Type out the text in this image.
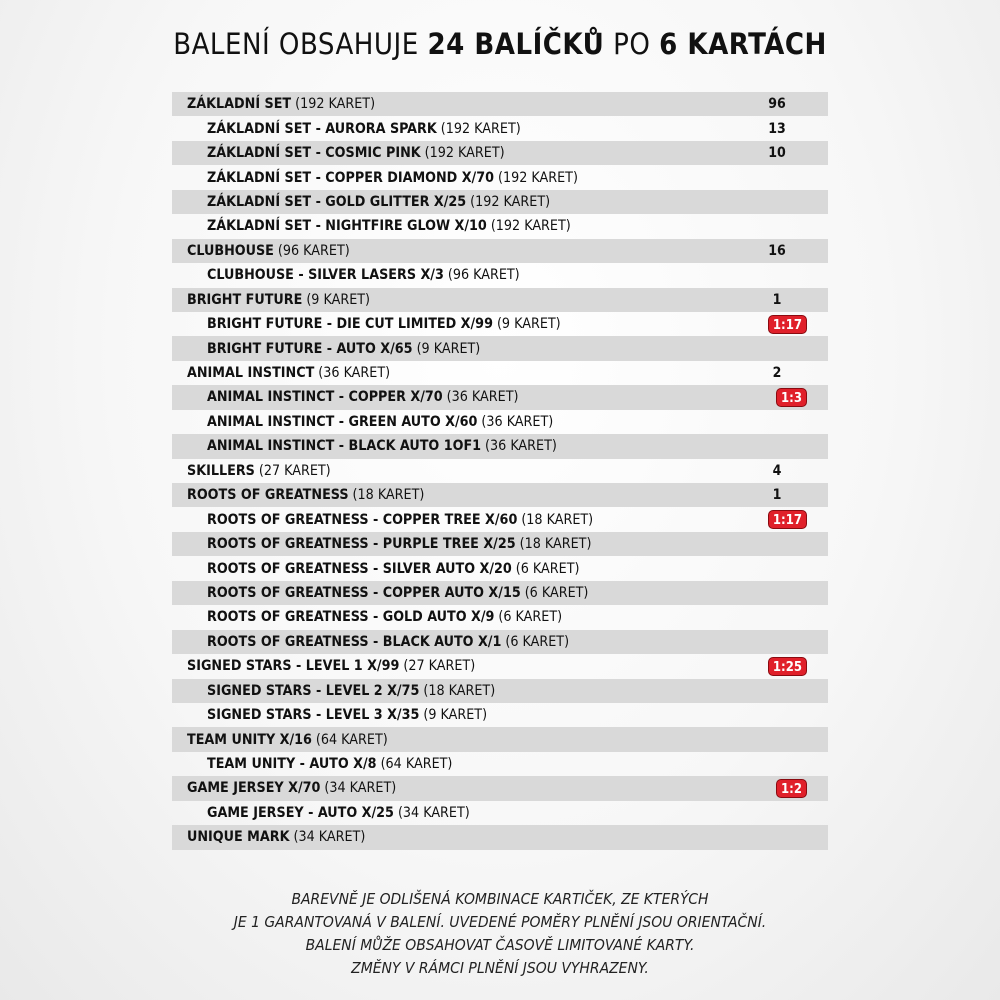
BALENÍ OBSAHUJE 24 BALÍČKŮ PO 6 KARTÁCH
ZÁKLADNÍ SET (192 KARET)	96
ZÁKLADNÍ SET - AURORA SPARK (192 KARET)	13
ZÁKLADNÍ SET - COSMIC PINK (192 KARET)	10
ZÁKLADNÍ SET - COPPER DIAMOND X/70 (192 KARET)
ZÁKLADNÍ SET - GOLD GLITTER X/25 (192 KARET)
ZÁKLADNÍ SET - NIGHTFIRE GLOW X/10 (192 KARET)
CLUBHOUSE (96 KARET)	16
CLUBHOUSE - SILVER LASERS X/3 (96 KARET)
BRIGHT FUTURE (9 KARET)	1
BRIGHT FUTURE - DIE CUT LIMITED X/99 (9 KARET)	1:17
BRIGHT FUTURE - AUTO X/65 (9 KARET)
ANIMAL INSTINCT (36 KARET)	2
ANIMAL INSTINCT - COPPER X/70 (36 KARET)	1:3
ANIMAL INSTINCT - GREEN AUTO X/60 (36 KARET)
ANIMAL INSTINCT - BLACK AUTO 1OF1 (36 KARET)
SKILLERS (27 KARET)	4
ROOTS OF GREATNESS (18 KARET)	1
ROOTS OF GREATNESS - COPPER TREE X/60 (18 KARET)	1:17
ROOTS OF GREATNESS - PURPLE TREE X/25 (18 KARET)
ROOTS OF GREATNESS - SILVER AUTO X/20 (6 KARET)
ROOTS OF GREATNESS - COPPER AUTO X/15 (6 KARET)
ROOTS OF GREATNESS - GOLD AUTO X/9 (6 KARET)
ROOTS OF GREATNESS - BLACK AUTO X/1 (6 KARET)
SIGNED STARS - LEVEL 1 X/99 (27 KARET)	1:25
SIGNED STARS - LEVEL 2 X/75 (18 KARET)
SIGNED STARS - LEVEL 3 X/35 (9 KARET)
TEAM UNITY X/16 (64 KARET)
TEAM UNITY - AUTO X/8 (64 KARET)
GAME JERSEY X/70 (34 KARET)	1:2
GAME JERSEY - AUTO X/25 (34 KARET)
UNIQUE MARK (34 KARET)
BAREVNĚ JE ODLIŠENÁ KOMBINACE KARTIČEK, ZE KTERÝCH
JE 1 GARANTOVANÁ V BALENÍ. UVEDENÉ POMĚRY PLNĚNÍ JSOU ORIENTAČNÍ.
BALENÍ MŮŽE OBSAHOVAT ČASOVĚ LIMITOVANÉ KARTY.
ZMĚNY V RÁMCI PLNĚNÍ JSOU VYHRAZENY.
